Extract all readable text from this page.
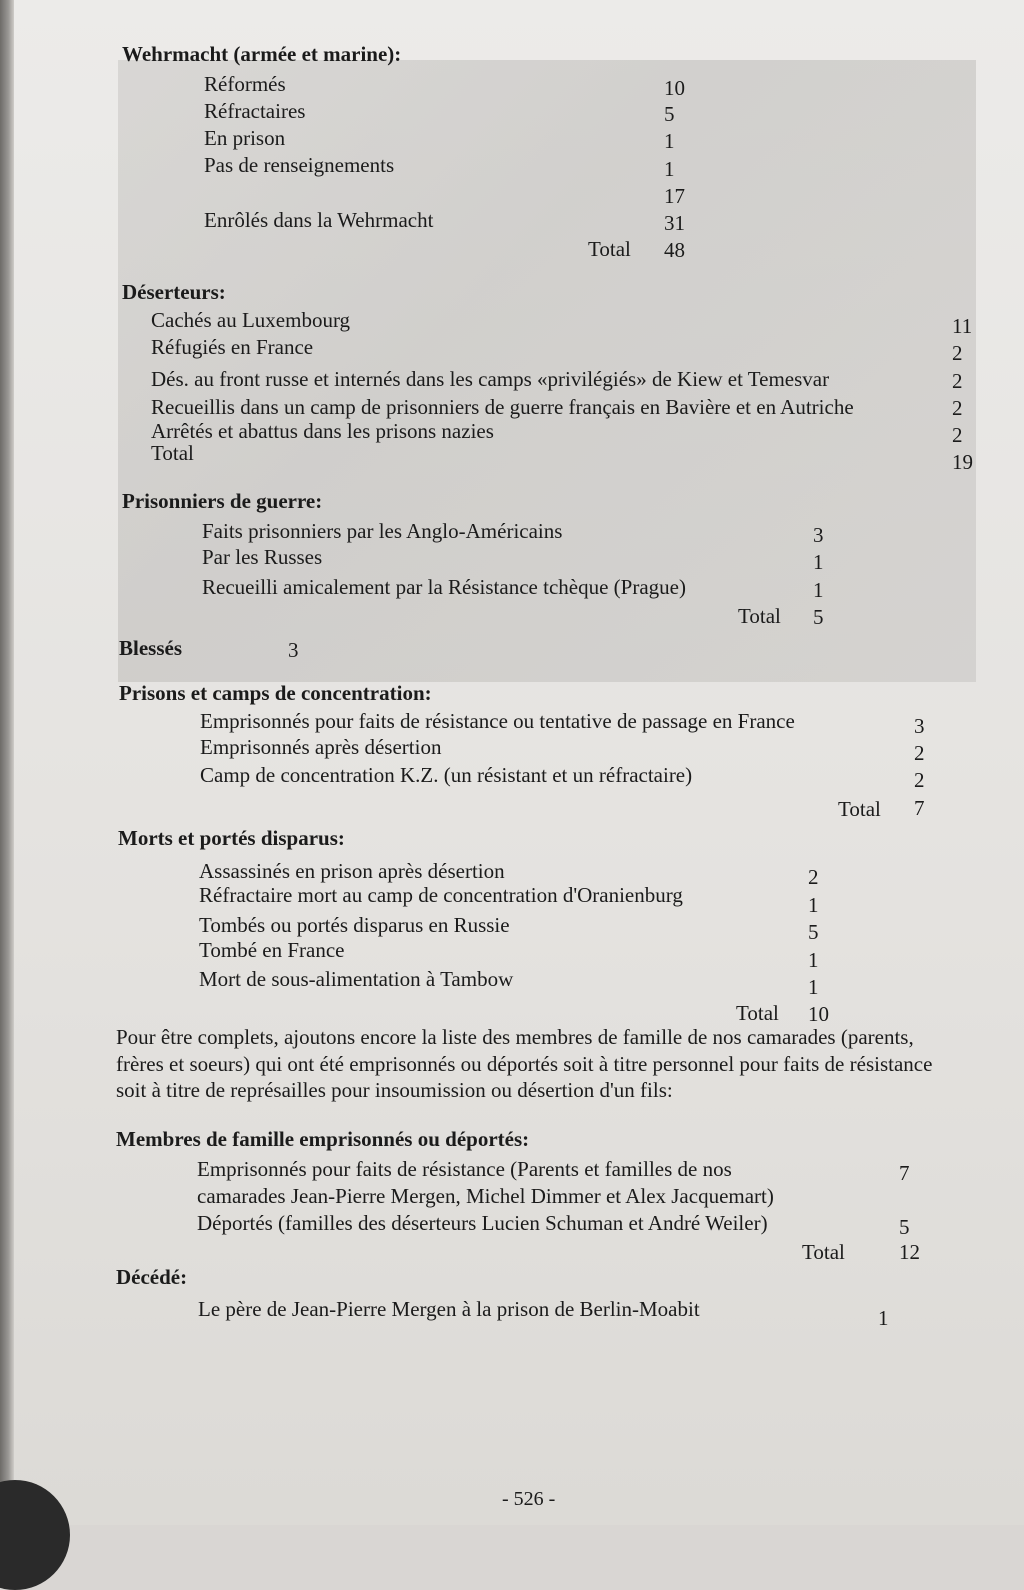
Wehrmacht (armée et marine):
Réformés	10
Réfractaires	5
En prison	1
Pas de renseignements	1
17
Enrôlés dans la Wehrmacht	31
Total 48
Déserteurs:
Cachés au Luxembourg	11
Réfugiés en France	2
Dés. au front russe et internés dans les camps «privilégiés» de Kiew et Temesvar	2
Recueillis dans un camp de prisonniers de guerre français en Bavière et en Autriche	2
Arrêtés et abattus dans les prisons nazies	2
Total	19
Prisonniers de guerre:
Faits prisonniers par les Anglo-Américains	3
Par les Russes	1
Recueilli amicalement par la Résistance tchèque (Prague)	1
Total 5
Blessés	3
Prisons et camps de concentration:
Emprisonnés pour faits de résistance ou tentative de passage en France	3
Emprisonnés après désertion	2
Camp de concentration K.Z. (un résistant et un réfractaire)	2
Total 7
Morts et portés disparus:
Assassinés en prison après désertion	2
Réfractaire mort au camp de concentration d'Oranienburg	1
Tombés ou portés disparus en Russie	5
Tombé en France	1
Mort de sous-alimentation à Tambow	1
Total 10
Pour être complets, ajoutons encore la liste des membres de famille de nos camarades (parents, frères et soeurs) qui ont été emprisonnés ou déportés soit à titre personnel pour faits de résistance soit à titre de représailles pour insoumission ou désertion d'un fils:
Membres de famille emprisonnés ou déportés:
Emprisonnés pour faits de résistance (Parents et familles de nos
camarades Jean-Pierre Mergen, Michel Dimmer et Alex Jacquemart)
7
Déportés (familles des déserteurs Lucien Schuman et André Weiler)	5
Total	12
Décédé:
Le père de Jean-Pierre Mergen à la prison de Berlin-Moabit	1
- 526 -
